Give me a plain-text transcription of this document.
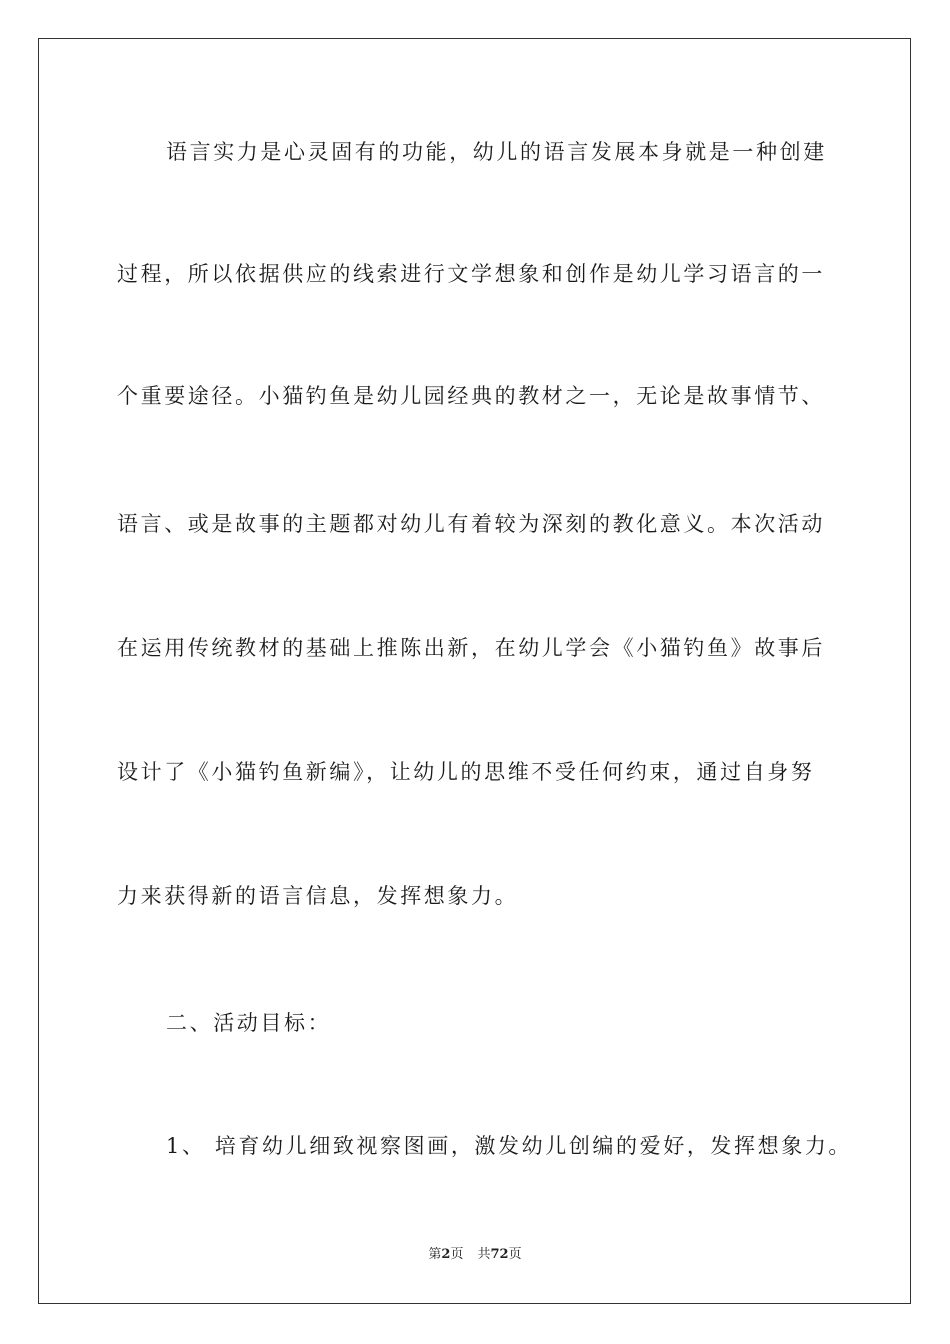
语言实力是心灵固有的功能，幼儿的语言发展本身就是一种创建
过程，所以依据供应的线索进行文学想象和创作是幼儿学习语言的一
个重要途径。小猫钓鱼是幼儿园经典的教材之一，无论是故事情节、
语言、或是故事的主题都对幼儿有着较为深刻的教化意义。本次活动
在运用传统教材的基础上推陈出新，在幼儿学会《小猫钓鱼》故事后
设计了《小猫钓鱼新编》，让幼儿的思维不受任何约束，通过自身努
力来获得新的语言信息，发挥想象力。
二、活动目标：
1、 培育幼儿细致视察图画，激发幼儿创编的爱好，发挥想象力。
第2页 共72页
